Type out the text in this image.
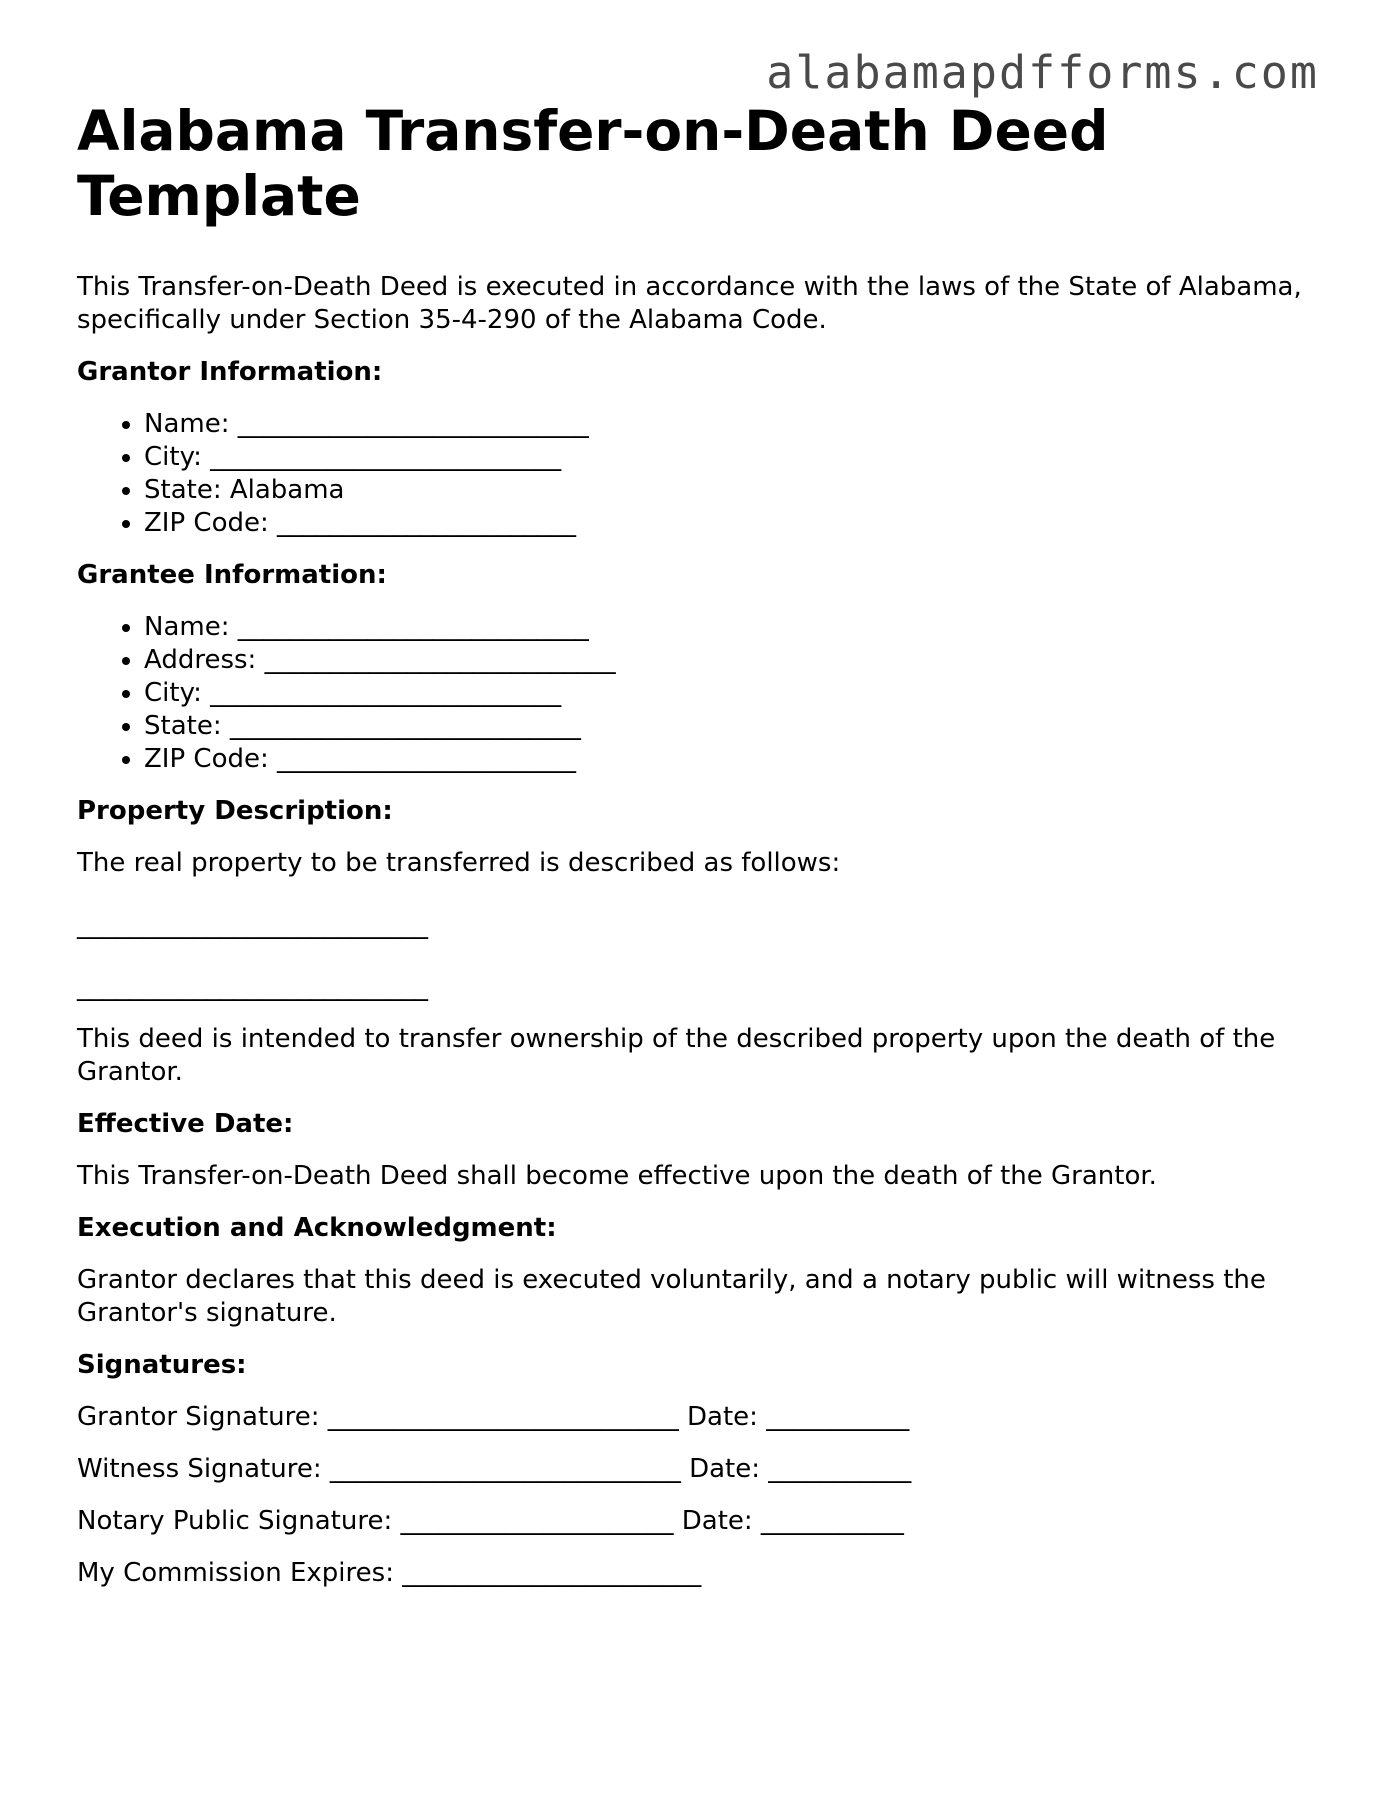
alabamapdfforms.com
Alabama Transfer-on-Death Deed Template

This Transfer-on-Death Deed is executed in accordance with the laws of the State of Alabama, specifically under Section 35-4-290 of the Alabama Code.

Grantor Information:

• Name: ___________________________
• City: ___________________________
• State: Alabama
• ZIP Code: _______________________

Grantee Information:

• Name: ___________________________
• Address: ___________________________
• City: ___________________________
• State: ___________________________
• ZIP Code: _______________________

Property Description:

The real property to be transferred is described as follows:

___________________________

___________________________

This deed is intended to transfer ownership of the described property upon the death of the Grantor.

Effective Date:

This Transfer-on-Death Deed shall become effective upon the death of the Grantor.

Execution and Acknowledgment:

Grantor declares that this deed is executed voluntarily, and a notary public will witness the Grantor's signature.

Signatures:

Grantor Signature: ___________________________ Date: ___________

Witness Signature: ___________________________ Date: ___________

Notary Public Signature: _____________________ Date: ___________

My Commission Expires: _______________________
